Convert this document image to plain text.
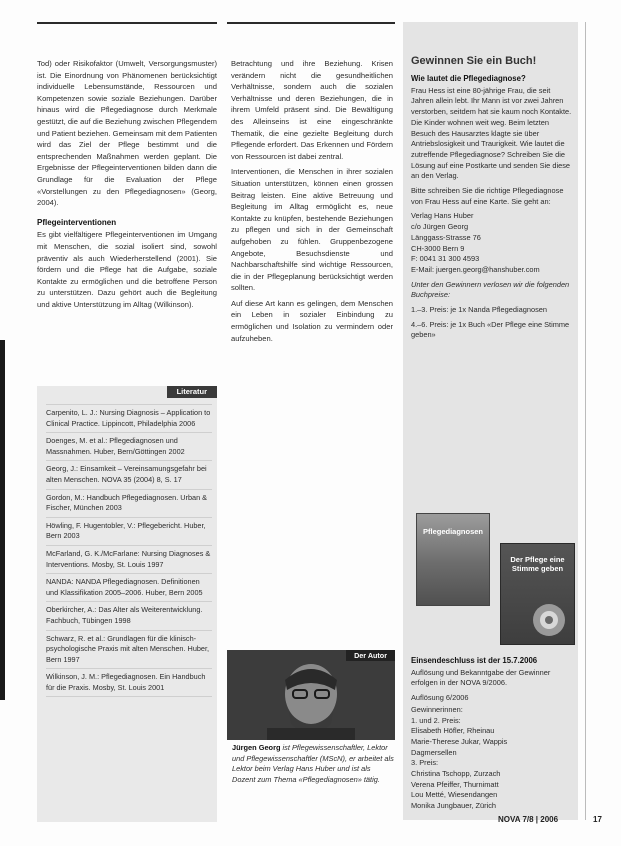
Tod) oder Risikofaktor (Umwelt, Versorgungsmuster) ist. Die Einordnung von Phänomenen berücksichtigt individuelle Lebensumstände, Ressourcen und Kompetenzen sowie soziale Beziehungen. Darüber hinaus wird die Pflegediagnose durch Merkmale gestützt, die auf die Beziehung zwischen Pflegendem und Patient beziehen. Gemeinsam mit dem Patienten wird das Ziel der Pflege bestimmt und die entsprechenden Maßnahmen werden geplant. Die Ergebnisse der Pflegeinterventionen bilden dann die Grundlage für die Evaluation der Pflege «Vorstellungen zu den Pflegediagnosen» (Georg, 2004).

Pflegeinterventionen

Es gibt vielfältigere Pflegeinterventionen im Umgang mit Menschen, die sozial isoliert sind, sowohl präventiv als auch Wiederherstellend (2001). Sie fördern und die Pflege hat die Aufgabe, soziale Kontakte zu ermöglichen und die betroffene Person zu unterstützen. Dazu gehört auch die Begleitung und aktive Unterstützung im Alltag (Wilkinson).

Literatur
Carpenito, L. J.: Nursing Diagnosis – Application to Clinical Practice. Lippincott, Philadelphia 2006
Doenges, M. et al.: Pflegediagnosen und Massnahmen. Huber, Bern/Göttingen 2002
Georg, J.: Einsamkeit – Vereinsamungsgefahr bei alten Menschen. NOVA 35 (2004) 8, S. 17
Gordon, M.: Handbuch Pflegediagnosen. Urban & Fischer, München 2003
Höwling, F. Hugentobler, V.: Pflegebericht. Huber, Bern 2003
McFarland, G. K./McFarlane: Nursing Diagnoses & Interventions. Mosby, St. Louis 1997
NANDA: NANDA Pflegediagnosen. Definitionen und Klassifikation 2005–2006. Huber, Bern 2005
Oberkircher, A.: Das Alter als Weiterentwicklung. Fachbuch, Tübingen 1998
Schwarz, R. et al.: Grundlagen für die klinisch-psychologische Praxis mit alten Menschen. Huber, Bern 1997
Wilkinson, J. M.: Pflegediagnosen. Ein Handbuch für die Praxis. Mosby, St. Louis 2001

Betrachtung und ihre Beziehung. Krisen verändern nicht die gesundheitlichen Verhältnisse, sondern auch die sozialen Verhältnisse und deren Beziehungen, die in ihrem Umfeld präsent sind. Die Bewältigung des Alleinseins ist eine eingeschränkte Thematik, die eine gezielte Begleitung durch Pflegende erfordert. Das Erkennen und Fördern von Ressourcen ist dabei zentral.

Interventionen, die Menschen in ihrer sozialen Situation unterstützen, können einen grossen Beitrag leisten. Eine aktive Betreuung und Begleitung im Alltag ermöglicht es, neue Kontakte zu knüpfen, bestehende Beziehungen zu pflegen und sich in der Gemeinschaft aufgehoben zu fühlen. Gruppenbezogene Angebote, Besuchsdienste und Nachbarschaftshilfe sind wichtige Ressourcen, die in der Pflegeplanung berücksichtigt werden sollten.

Auf diese Art kann es gelingen, dem Menschen ein Leben in sozialer Einbindung zu ermöglichen und Isolation zu vermindern oder aufzuheben.

Der Autor

Jürgen Georg ist Pflegewissenschaftler, Lektor und Pflegewissenschaftler (MScN), er arbeitet als Lektor beim Verlag Hans Huber und ist als Dozent zum Thema «Pflegediagnosen» tätig.

Gewinnen Sie ein Buch!
Wie lautet die Pflegediagnose?

Frau Hess ist eine 80-jährige Frau, die seit Jahren allein lebt. Ihr Mann ist vor zwei Jahren verstorben, seitdem hat sie kaum noch Kontakte. Die Kinder wohnen weit weg. Beim letzten Besuch des Hausarztes klagte sie über Antriebslosigkeit und Traurigkeit. Wie lautet die zutreffende Pflegediagnose? Schreiben Sie die Lösung auf eine Postkarte und senden Sie diese an den Verlag.

Bitte schreiben Sie die richtige Pflegediagnose von Frau Hess auf eine Karte. Sie geht an:

Verlag Hans Huber
c/o Jürgen Georg
Länggass-Strasse 76
CH-3000 Bern 9
F: 0041 31 300 4593
E-Mail: juergen.georg@hanshuber.com

Unter den Gewinnern verlosen wir die folgenden Buchpreise:

1.–3. Preis: je 1x Nanda Pflegediagnosen

4.–6. Preis: je 1x Buch «Der Pflege eine Stimme geben»

Pflegediagnosen
Der Pflege eine Stimme geben
Einsendeschluss ist der 15.7.2006

Auflösung und Bekanntgabe der Gewinner erfolgen in der NOVA 9/2006.

Auflösung 6/2006

Gewinnerinnen:

1. und 2. Preis:
Elisabeth Höfler, Rheinau
Marie-Therese Jukar, Wappis
Dagmersellen
3. Preis:
Christina Tschopp, Zurzach
Verena Pfeiffer, Thurnimatt
Lou Metté, Wiesendangen
Monika Jungbauer, Zürich
NOVA 7/8 | 2006	17
